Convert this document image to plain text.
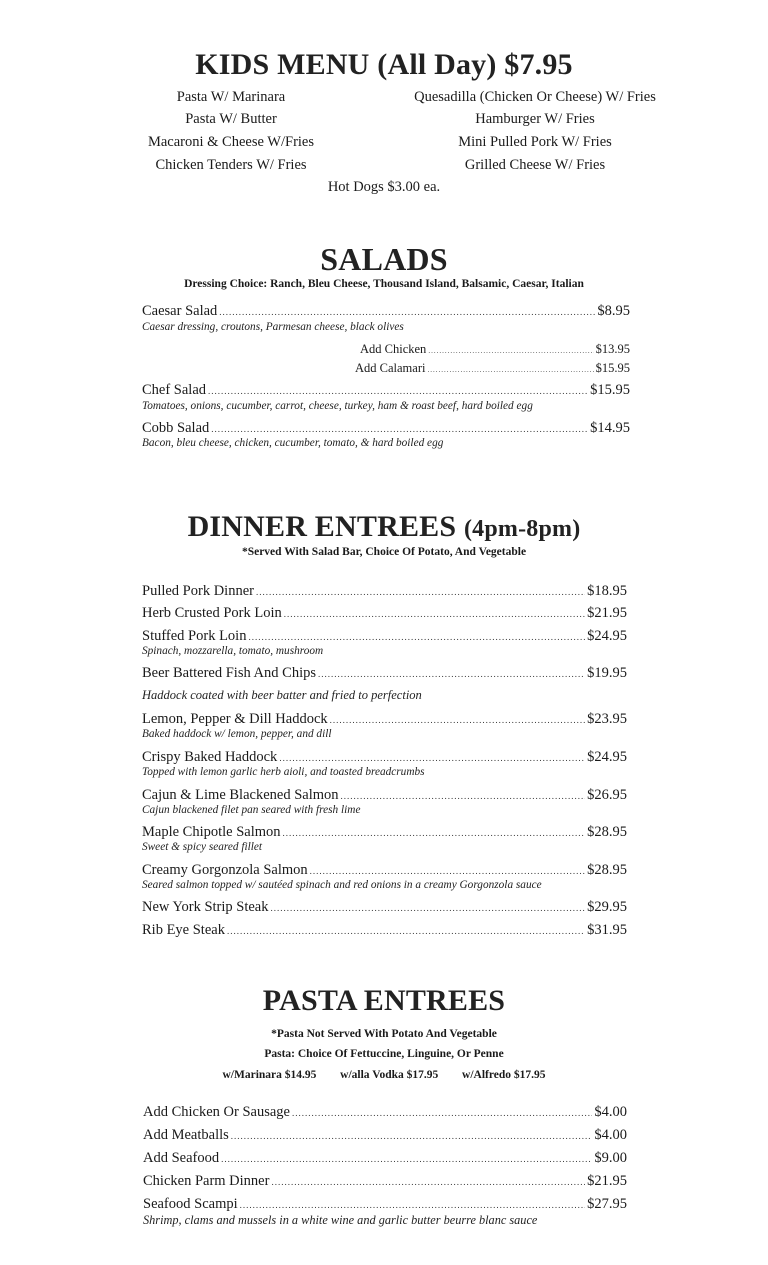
KIDS MENU (All Day) $7.95
Pasta W/ Marinara
Pasta W/ Butter
Macaroni & Cheese W/Fries
Chicken Tenders W/ Fries
Quesadilla (Chicken Or Cheese) W/ Fries
Hamburger W/ Fries
Mini Pulled Pork W/ Fries
Grilled Cheese W/ Fries
Hot Dogs $3.00 ea.
SALADS
Dressing Choice: Ranch, Bleu Cheese, Thousand Island, Balsamic, Caesar, Italian
Caesar Salad .....	$8.95
Caesar dressing, croutons, Parmesan cheese, black olives
Add Chicken .....	$13.95
Add Calamari .....	$15.95
Chef Salad .....	$15.95
Tomatoes, onions, cucumber, carrot, cheese, turkey, ham & roast beef, hard boiled egg
Cobb Salad .....	$14.95
Bacon, bleu cheese, chicken, cucumber, tomato, & hard boiled egg
DINNER ENTREES (4pm-8pm)
*Served With Salad Bar, Choice Of Potato, And Vegetable
Pulled Pork Dinner .....	$18.95
Herb Crusted Pork Loin .....	$21.95
Stuffed Pork Loin .....	$24.95
Spinach, mozzarella, tomato, mushroom
Beer Battered Fish And Chips .....	$19.95
Haddock coated with beer batter and fried to perfection
Lemon, Pepper & Dill Haddock .....	$23.95
Baked haddock w/ lemon, pepper, and dill
Crispy Baked Haddock .....	$24.95
Topped with lemon garlic herb aioli, and toasted breadcrumbs
Cajun & Lime Blackened Salmon .....	$26.95
Cajun blackened filet pan seared with fresh lime
Maple Chipotle Salmon .....	$28.95
Sweet & spicy seared fillet
Creamy Gorgonzola Salmon .....	$28.95
Seared salmon topped w/ sautéed spinach and red onions in a creamy Gorgonzola sauce
New York Strip Steak .....	$29.95
Rib Eye Steak .....	$31.95
PASTA ENTREES
*Pasta Not Served With Potato And Vegetable
Pasta: Choice Of Fettuccine, Linguine, Or Penne
w/Marinara $14.95 w/alla Vodka $17.95 w/Alfredo $17.95
Add Chicken Or Sausage .....	$4.00
Add Meatballs .....	$4.00
Add Seafood .....	$9.00
Chicken Parm Dinner .....	$21.95
Seafood Scampi .....	$27.95
Shrimp, clams and mussels in a white wine and garlic butter beurre blanc sauce
